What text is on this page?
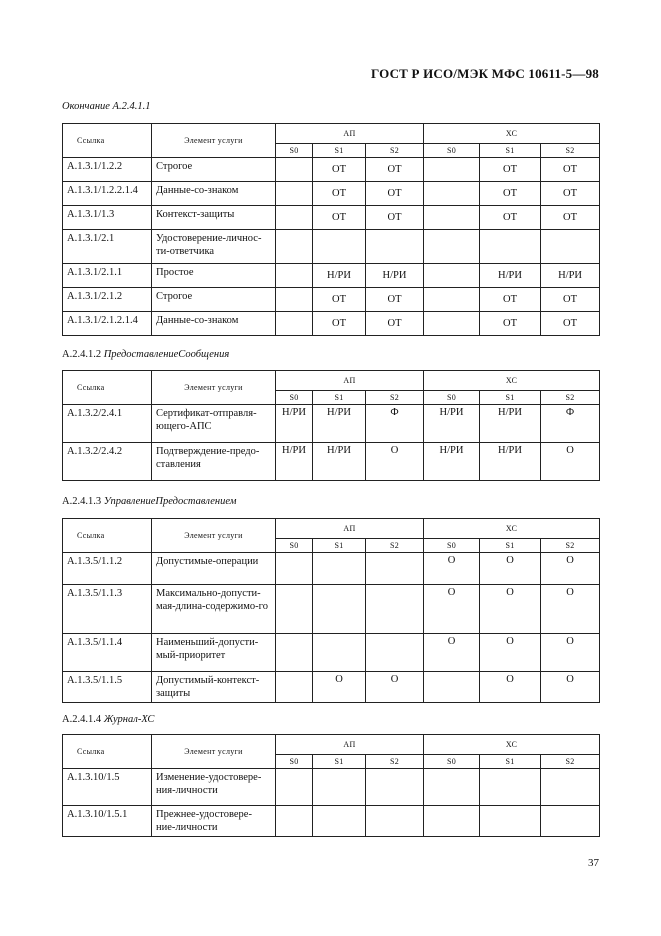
ГОСТ Р ИСО/МЭК МФС 10611-5—98
Окончание А.2.4.1.1
Ссылка	Элемент услуги	АП			ХС		
		S0	S1	S2	S0	S1	S2
A.1.3.1/1.2.2	Строгое		ОТ	ОТ		ОТ	ОТ
A.1.3.1/1.2.2.1.4	Данные-со-знаком		ОТ	ОТ		ОТ	ОТ
A.1.3.1/1.3	Контекст-защиты		ОТ	ОТ		ОТ	ОТ
A.1.3.1/2.1	Удостоверение-личнос-ти-ответчика						
A.1.3.1/2.1.1	Простое		Н/РИ	Н/РИ		Н/РИ	Н/РИ
A.1.3.1/2.1.2	Строгое		ОТ	ОТ		ОТ	ОТ
A.1.3.1/2.1.2.1.4	Данные-со-знаком		ОТ	ОТ		ОТ	ОТ
А.2.4.1.2 ПредоставлениеСообщения
Ссылка	Элемент услуги	АП			ХС		
		S0	S1	S2	S0	S1	S2
A.1.3.2/2.4.1	Сертификат-отправля-ющего-АПС	Н/РИ	Н/РИ	Ф	Н/РИ	Н/РИ	Ф
A.1.3.2/2.4.2	Подтверждение-предо-ставления	Н/РИ	Н/РИ	О	Н/РИ	Н/РИ	О
А.2.4.1.3 УправлениеПредоставлением
Ссылка	Элемент услуги	АП			ХС		
		S0	S1	S2	S0	S1	S2
A.1.3.5/1.1.2	Допустимые-операции				О	О	О
A.1.3.5/1.1.3	Максимально-допусти-мая-длина-содержимо-го				О	О	О
A.1.3.5/1.1.4	Наименьший-допусти-мый-приоритет				О	О	О
A.1.3.5/1.1.5	Допустимый-контекст-защиты		О	О		О	О
А.2.4.1.4 Журнал-ХС
Ссылка	Элемент услуги	АП			ХС		
		S0	S1	S2	S0	S1	S2
A.1.3.10/1.5	Изменение-удостовере-ния-личности						
A.1.3.10/1.5.1	Прежнее-удостовере-ние-личности						
37
